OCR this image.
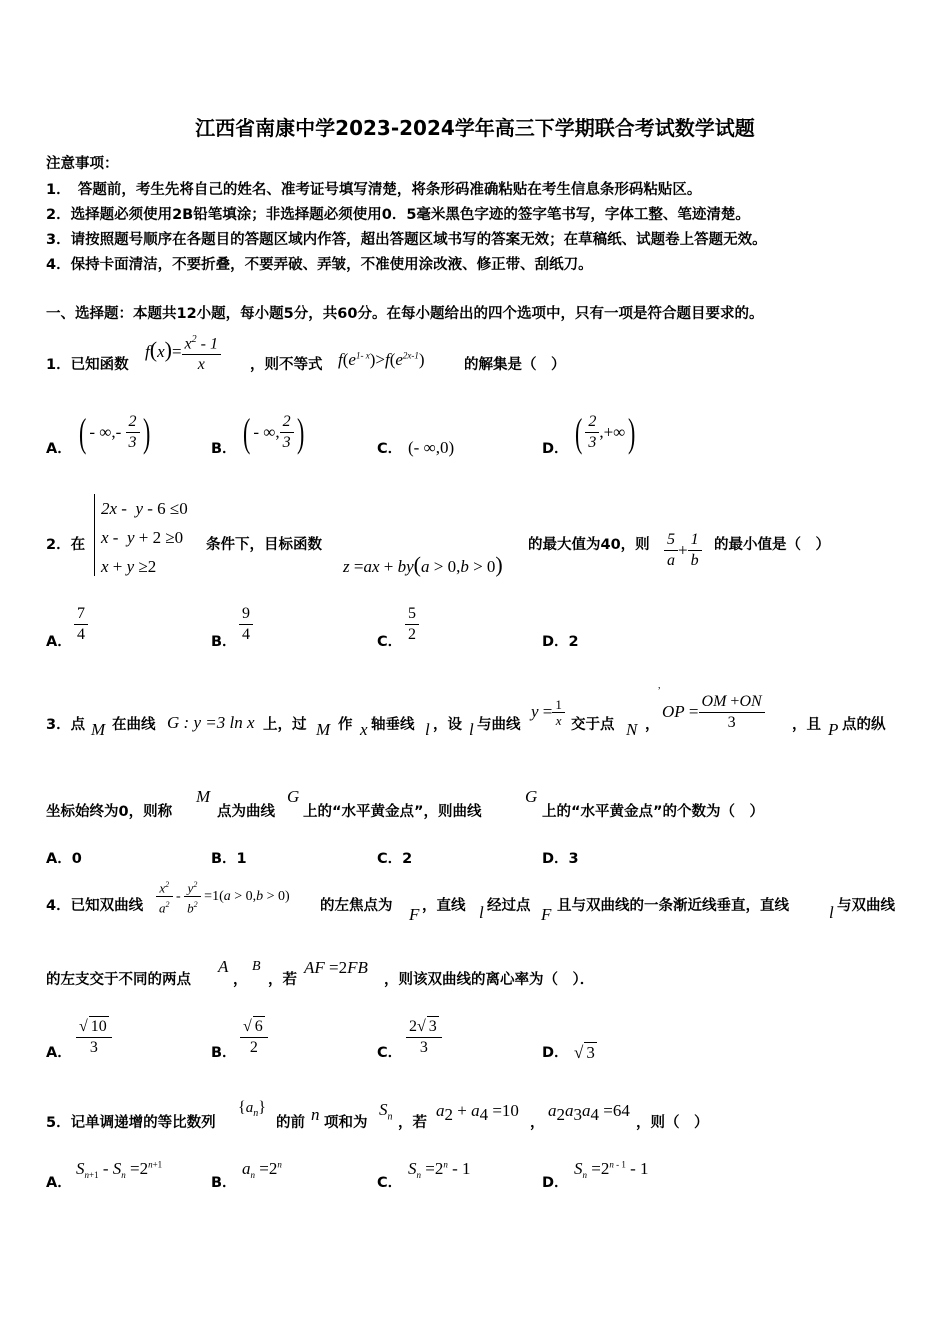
江西省南康中学2023-2024学年高三下学期联合考试数学试题
注意事项：
1．　答题前，考生先将自己的姓名、准考证号填写清楚，将条形码准确粘贴在考生信息条形码粘贴区。
2．选择题必须使用2B铅笔填涂；非选择题必须使用0．5毫米黑色字迹的签字笔书写，字体工整、笔迹清楚。
3．请按照题号顺序在各题目的答题区域内作答，超出答题区域书写的答案无效；在草稿纸、试题卷上答题无效。
4．保持卡面清洁，不要折叠，不要弄破、弄皱，不准使用涂改液、修正带、刮纸刀。
一、选择题：本题共12小题，每小题5分，共60分。在每小题给出的四个选项中，只有一项是符合题目要求的。
1．已知函数
$f(x)= \frac{x^2 - 1}{x}$ ，则不等式 $f(e^{1- x})>f(e^{2x-1})$	的解集是（　）
A． ( - ∞,- $\frac{2}{3}$ )	B． ( - ∞, $\frac{2}{3}$ )	C． (- ∞,0)	D． ( $\frac{2}{3}$ ,+∞)
2．在
2x -  y - 6 ≤0
x -  y + 2 ≥0
x + y ≥2
条件下，目标函数
z =ax + by(a > 0,b > 0)
的最大值为40，则 $\frac{5}{a} + \frac{1}{b}$ 的最小值是（　）
A． $\frac{7}{4}$	B． $\frac{9}{4}$	C． $\frac{5}{2}$	D．2
3．点 M 在曲线 G : y =3 ln x 上，过 M 作 x 轴垂线 l ，设 l 与曲线
$y = \frac{1}{x}$ 交于点 N ，
,
OP = $\frac{OM +ON}{3}$ ，且 P 点的纵
坐标始终为0，则称
M
点为曲线
G
上的“水平黄金点”，则曲线
G
上的“水平黄金点”的个数为（　）
A．0	B．1	C．2	D．3
4．已知双曲线 $\frac{x^2}{a^2} - \frac{y^2}{b^2} =1(a > 0,b > 0)$
的左焦点为 F ，直线 l 经过点 F 且与双曲线的一条渐近线垂直，直线 l 与双曲线
的左支交于不同的两点
A
，
B
，若
AF =2FB
，则该双曲线的离心率为（　）．
A． $\frac{√ 10}{3}$	B． $\frac{√ 6}{2}$	C． $\frac{2√ 3}{3}$	D． √ 3
5．记单调递增的等比数列
$\{a_n\}$
的前 n 项和为
$S_n$ ，若
$a_2 + a_4 =10$
，
$a_2a_3a_4 =64$
，则（　）
A．
$S_{n+1} - S_n =2^{n+1}$
B．
$a_n =2^n$
C．
$S_n =2^n - 1$
D．
$S_n =2^{n - 1} - 1$
